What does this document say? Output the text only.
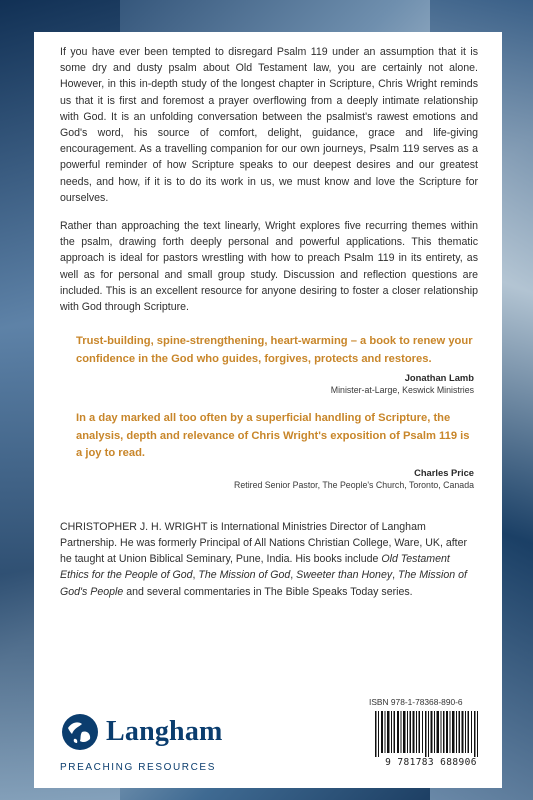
If you have ever been tempted to disregard Psalm 119 under an assumption that it is some dry and dusty psalm about Old Testament law, you are certainly not alone. However, in this in-depth study of the longest chapter in Scripture, Chris Wright reminds us that it is first and foremost a prayer overflowing from a deeply intimate relationship with God. It is an unfolding conversation between the psalmist's rawest emotions and God's word, his source of comfort, delight, guidance, grace and life-giving encouragement. As a travelling companion for our own journeys, Psalm 119 serves as a powerful reminder of how Scripture speaks to our deepest desires and our greatest needs, and how, if it is to do its work in us, we must know and love the Scripture for ourselves.

Rather than approaching the text linearly, Wright explores five recurring themes within the psalm, drawing forth deeply personal and powerful applications. This thematic approach is ideal for pastors wrestling with how to preach Psalm 119 in its entirety, as well as for personal and small group study. Discussion and reflection questions are included. This is an excellent resource for anyone desiring to foster a closer relationship with God through Scripture.

Trust-building, spine-strengthening, heart-warming – a book to renew your confidence in the God who guides, forgives, protects and restores.
Jonathan Lamb
Minister-at-Large, Keswick Ministries
In a day marked all too often by a superficial handling of Scripture, the analysis, depth and relevance of Chris Wright's exposition of Psalm 119 is a joy to read.
Charles Price
Retired Senior Pastor, The People's Church, Toronto, Canada
CHRISTOPHER J. H. WRIGHT is International Ministries Director of Langham Partnership. He was formerly Principal of All Nations Christian College, Ware, UK, after he taught at Union Biblical Seminary, Pune, India. His books include Old Testament Ethics for the People of God, The Mission of God, Sweeter than Honey, The Mission of God's People and several commentaries in The Bible Speaks Today series.
Langham
PREACHING RESOURCES
ISBN 978-1-78368-890-6
9 781783 688906
